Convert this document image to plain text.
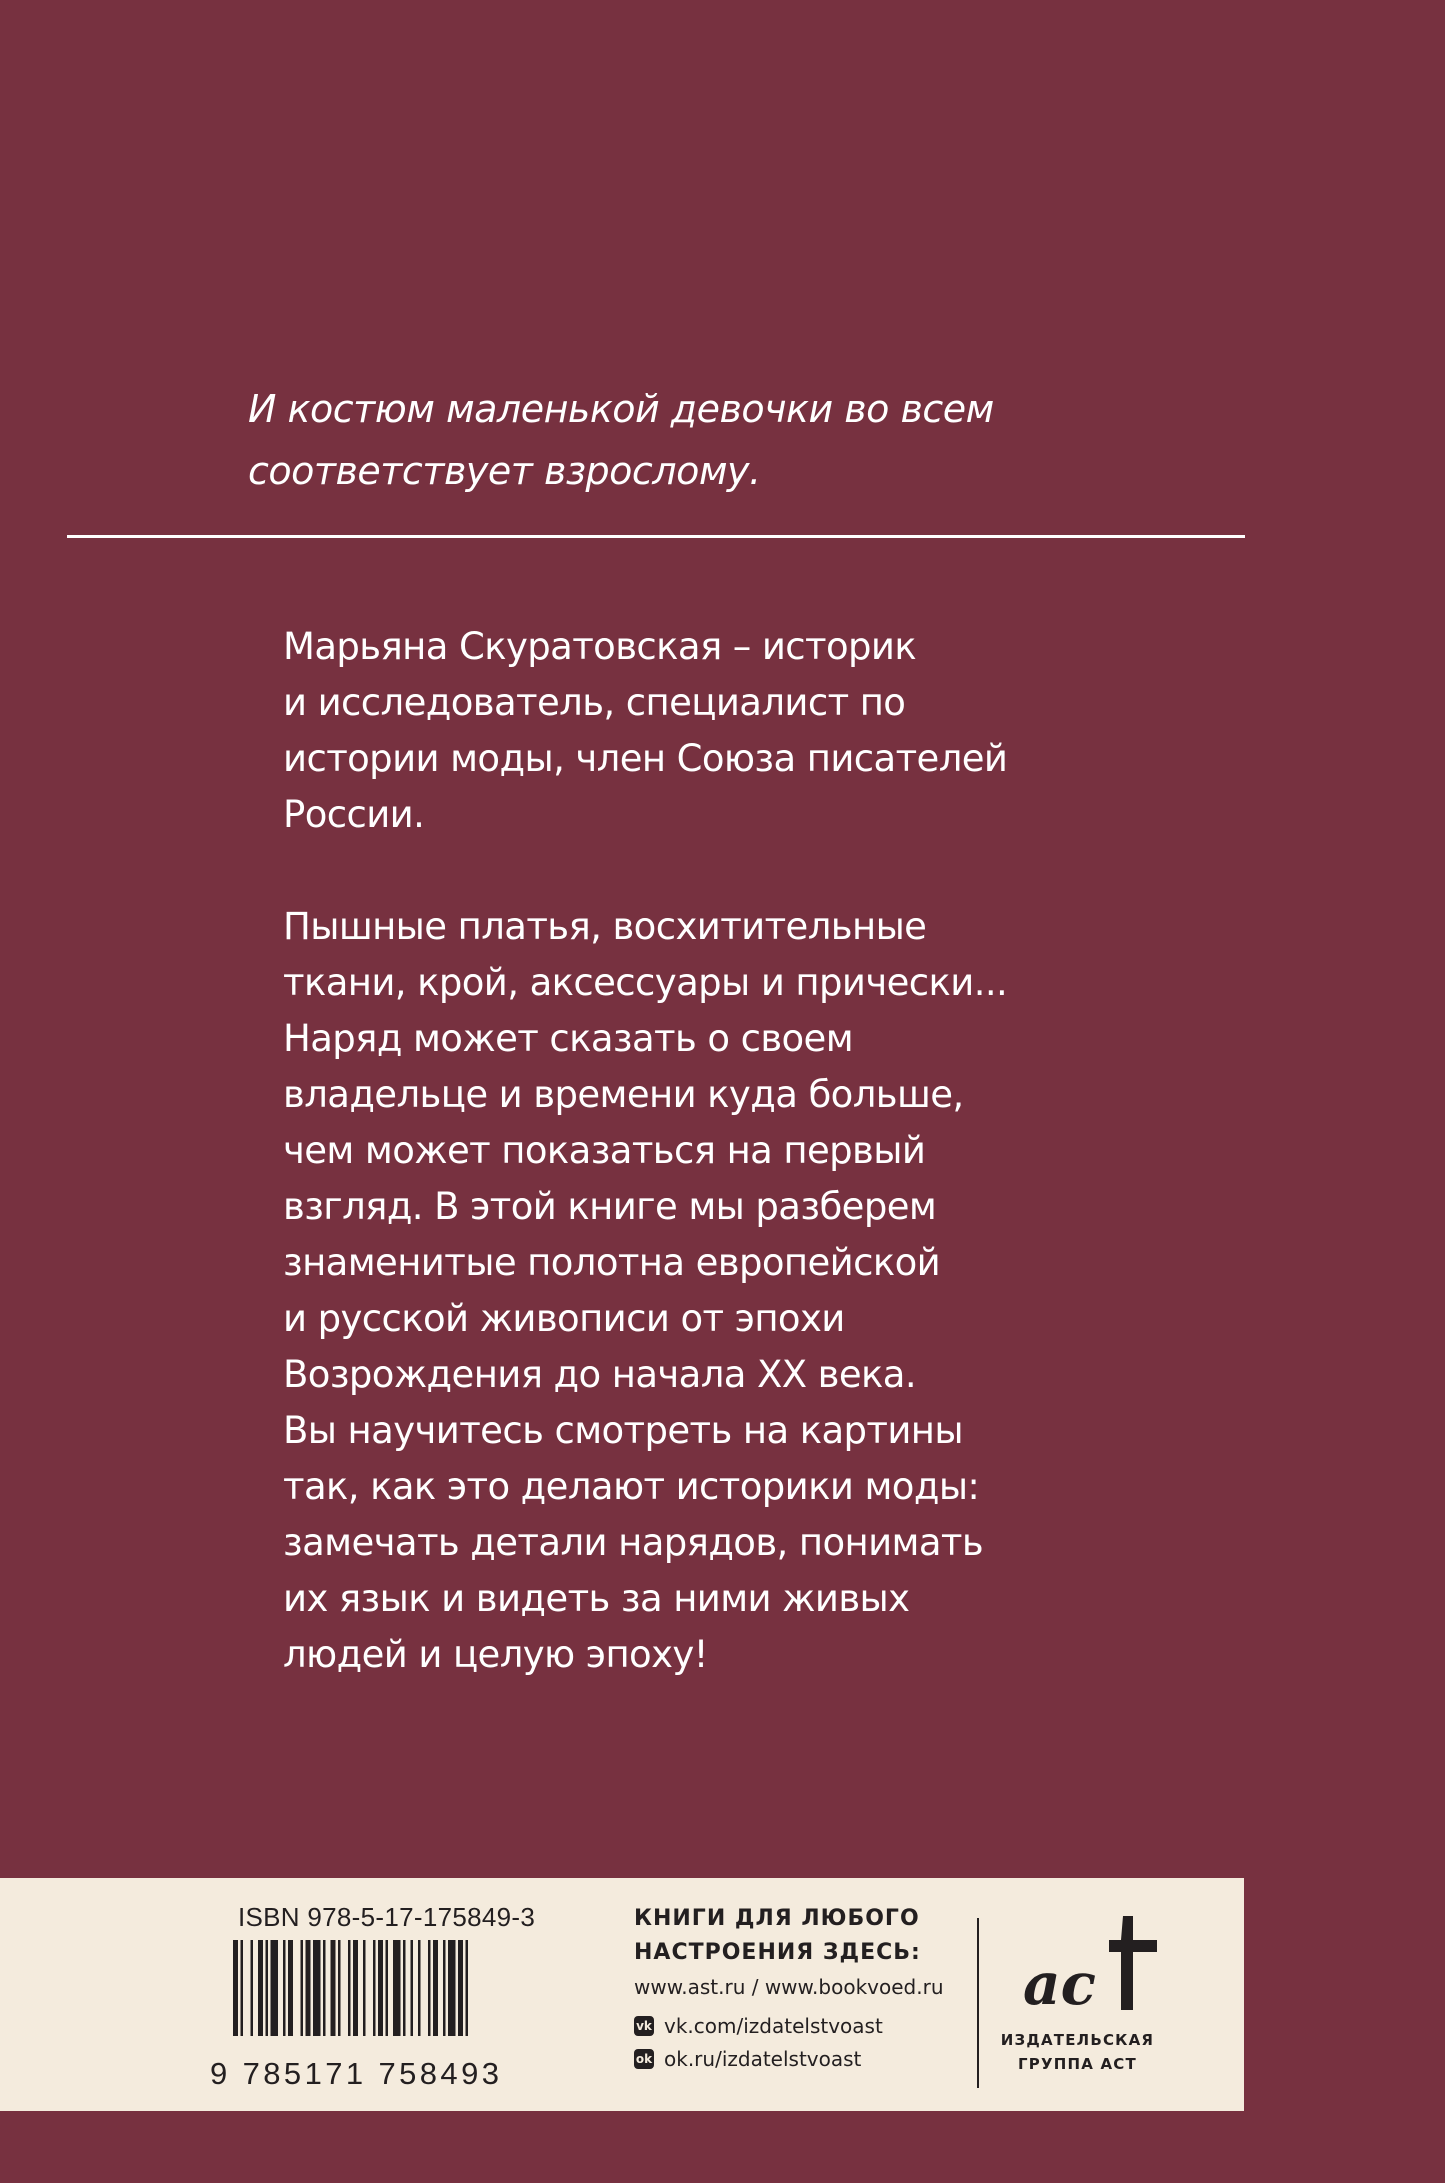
И костюм маленькой девочки во всем
соответствует взрослому.

Марьяна Скуратовская – историк
и исследователь, специалист по
истории моды, член Союза писателей
России.

Пышные платья, восхитительные
ткани, крой, аксессуары и прически...
Наряд может сказать о своем
владельце и времени куда больше,
чем может показаться на первый
взгляд. В этой книге мы разберем
знаменитые полотна европейской
и русской живописи от эпохи
Возрождения до начала XX века.
Вы научитесь смотреть на картины
так, как это делают историки моды:
замечать детали нарядов, понимать
их язык и видеть за ними живых
людей и целую эпоху!

ISBN 978-5-17-175849-3
9 785171 758493

КНИГИ ДЛЯ ЛЮБОГО
НАСТРОЕНИЯ ЗДЕСЬ:

www.ast.ru / www.bookvoed.ru
vk vk.com/izdatelstvoast
ok ok.ru/izdatelstvoast
ас

ИЗДАТЕЛЬСКАЯ
ГРУППА АСТ
